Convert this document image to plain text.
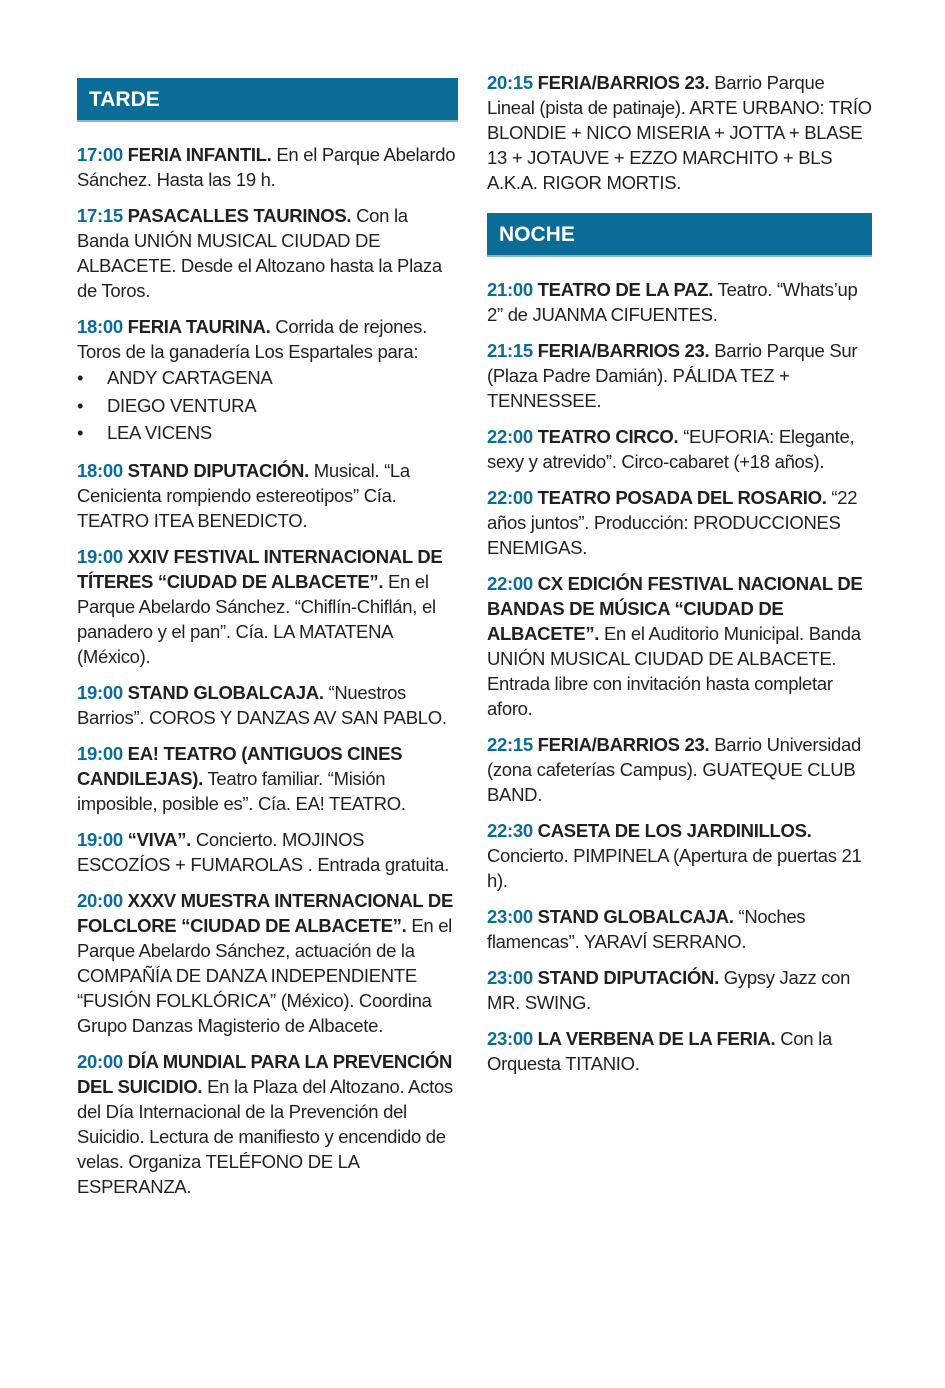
TARDE
17:00 FERIA INFANTIL. En el Parque Abelardo Sánchez. Hasta las 19 h.
17:15 PASACALLES TAURINOS. Con la Banda UNIÓN MUSICAL CIUDAD DE ALBACETE. Desde el Altozano hasta la Plaza de Toros.
18:00 FERIA TAURINA. Corrida de rejones. Toros de la ganadería Los Espartales para:
• ANDY CARTAGENA
• DIEGO VENTURA
• LEA VICENS
18:00 STAND DIPUTACIÓN. Musical. “La Cenicienta rompiendo estereotipos” Cía. TEATRO ITEA BENEDICTO.
19:00 XXIV FESTIVAL INTERNACIONAL DE TÍTERES “CIUDAD DE ALBACETE”. En el Parque Abelardo Sánchez. “Chiflín-Chiflán, el panadero y el pan”. Cía. LA MATATENA (México).
19:00 STAND GLOBALCAJA. “Nuestros Barrios”. COROS Y DANZAS AV SAN PABLO.
19:00 EA! TEATRO (ANTIGUOS CINES CANDILEJAS). Teatro familiar. “Misión imposible, posible es”. Cía. EA! TEATRO.
19:00 “VIVA”. Concierto. MOJINOS ESCOZÍOS + FUMAROLAS . Entrada gratuita.
20:00 XXXV MUESTRA INTERNACIONAL DE FOLCLORE “CIUDAD DE ALBACETE”. En el Parque Abelardo Sánchez, actuación de la COMPAÑÍA DE DANZA INDEPENDIENTE “FUSIÓN FOLKLÓRICA” (México). Coordina Grupo Danzas Magisterio de Albacete.
20:00 DÍA MUNDIAL PARA LA PREVENCIÓN DEL SUICIDIO. En la Plaza del Altozano. Actos del Día Internacional de la Prevención del Suicidio. Lectura de manifiesto y encendido de velas. Organiza TELÉFONO DE LA ESPERANZA.
20:15 FERIA/BARRIOS 23. Barrio Parque Lineal (pista de patinaje). ARTE URBANO: TRÍO BLONDIE + NICO MISERIA + JOTTA + BLASE 13 + JOTAUVE + EZZO MARCHITO + BLS A.K.A. RIGOR MORTIS.
NOCHE
21:00 TEATRO DE LA PAZ. Teatro. “Whats’up 2” de JUANMA CIFUENTES.
21:15 FERIA/BARRIOS 23. Barrio Parque Sur (Plaza Padre Damián). PÁLIDA TEZ + TENNESSEE.
22:00 TEATRO CIRCO. “EUFORIA: Elegante, sexy y atrevido”. Circo-cabaret (+18 años).
22:00 TEATRO POSADA DEL ROSARIO. “22 años juntos”. Producción: PRODUCCIONES ENEMIGAS.
22:00 CX EDICIÓN FESTIVAL NACIONAL DE BANDAS DE MÚSICA “CIUDAD DE ALBACETE”. En el Auditorio Municipal. Banda UNIÓN MUSICAL CIUDAD DE ALBACETE. Entrada libre con invitación hasta completar aforo.
22:15 FERIA/BARRIOS 23. Barrio Universidad (zona cafeterías Campus). GUATEQUE CLUB BAND.
22:30 CASETA DE LOS JARDINILLOS. Concierto. PIMPINELA (Apertura de puertas 21 h).
23:00 STAND GLOBALCAJA. “Noches flamencas”. YARAVÍ SERRANO.
23:00 STAND DIPUTACIÓN. Gypsy Jazz con MR. SWING.
23:00 LA VERBENA DE LA FERIA. Con la Orquesta TITANIO.
